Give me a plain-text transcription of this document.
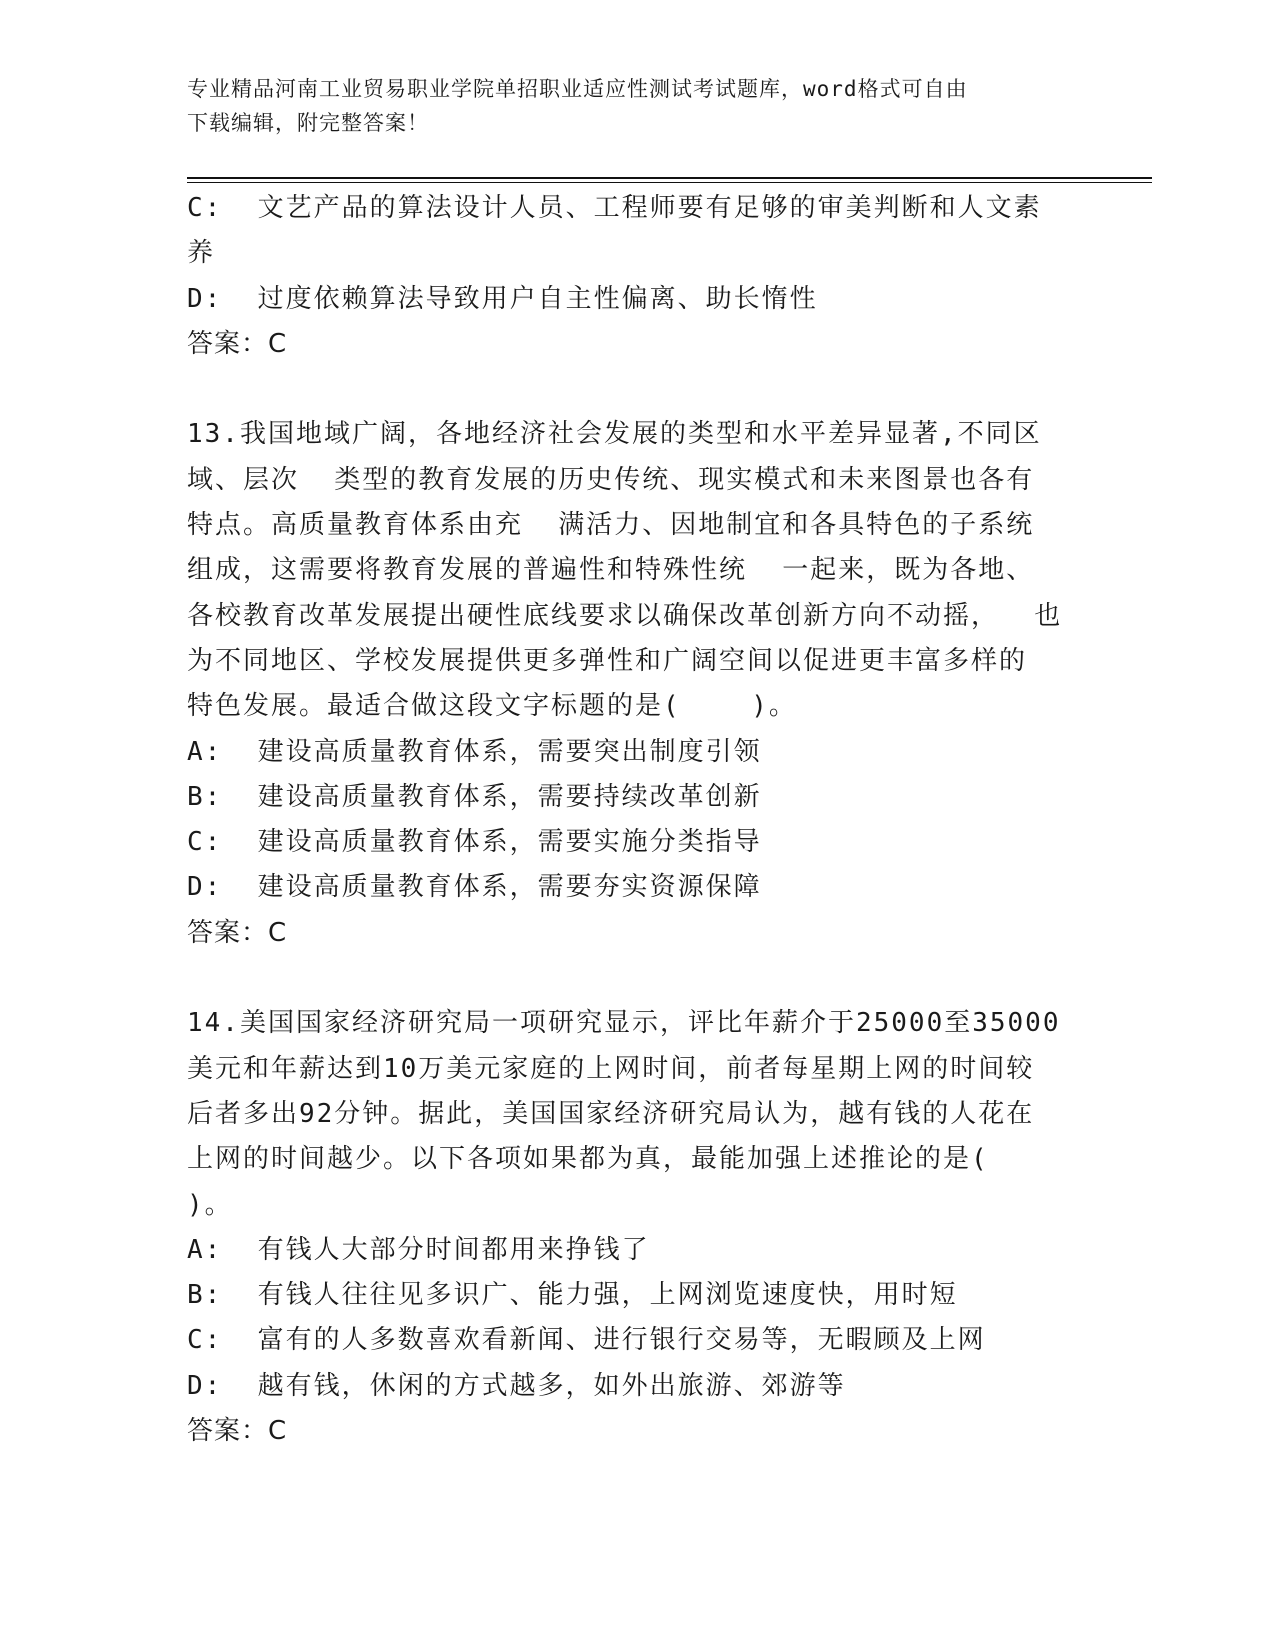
专业精品河南工业贸易职业学院单招职业适应性测试考试题库，word格式可自由
下载编辑，附完整答案！
C:  文艺产品的算法设计人员、工程师要有足够的审美判断和人文素
养
D:  过度依赖算法导致用户自主性偏离、助长惰性
答案：C
13.我国地域广阔，各地经济社会发展的类型和水平差异显著,不同区
域、层次  类型的教育发展的历史传统、现实模式和未来图景也各有
特点。高质量教育体系由充  满活力、因地制宜和各具特色的子系统
组成，这需要将教育发展的普遍性和特殊性统  一起来，既为各地、
各校教育改革发展提出硬性底线要求以确保改革创新方向不动摇，  也
为不同地区、学校发展提供更多弹性和广阔空间以促进更丰富多样的
特色发展。最适合做这段文字标题的是(    )。
A:  建设高质量教育体系，需要突出制度引领
B:  建设高质量教育体系，需要持续改革创新
C:  建设高质量教育体系，需要实施分类指导
D:  建设高质量教育体系，需要夯实资源保障
答案：C
14.美国国家经济研究局一项研究显示，评比年薪介于25000至35000
美元和年薪达到10万美元家庭的上网时间，前者每星期上网的时间较
后者多出92分钟。据此，美国国家经济研究局认为，越有钱的人花在
上网的时间越少。以下各项如果都为真，最能加强上述推论的是(
)。
A:  有钱人大部分时间都用来挣钱了
B:  有钱人往往见多识广、能力强，上网浏览速度快，用时短
C:  富有的人多数喜欢看新闻、进行银行交易等，无暇顾及上网
D:  越有钱，休闲的方式越多，如外出旅游、郊游等
答案：C
